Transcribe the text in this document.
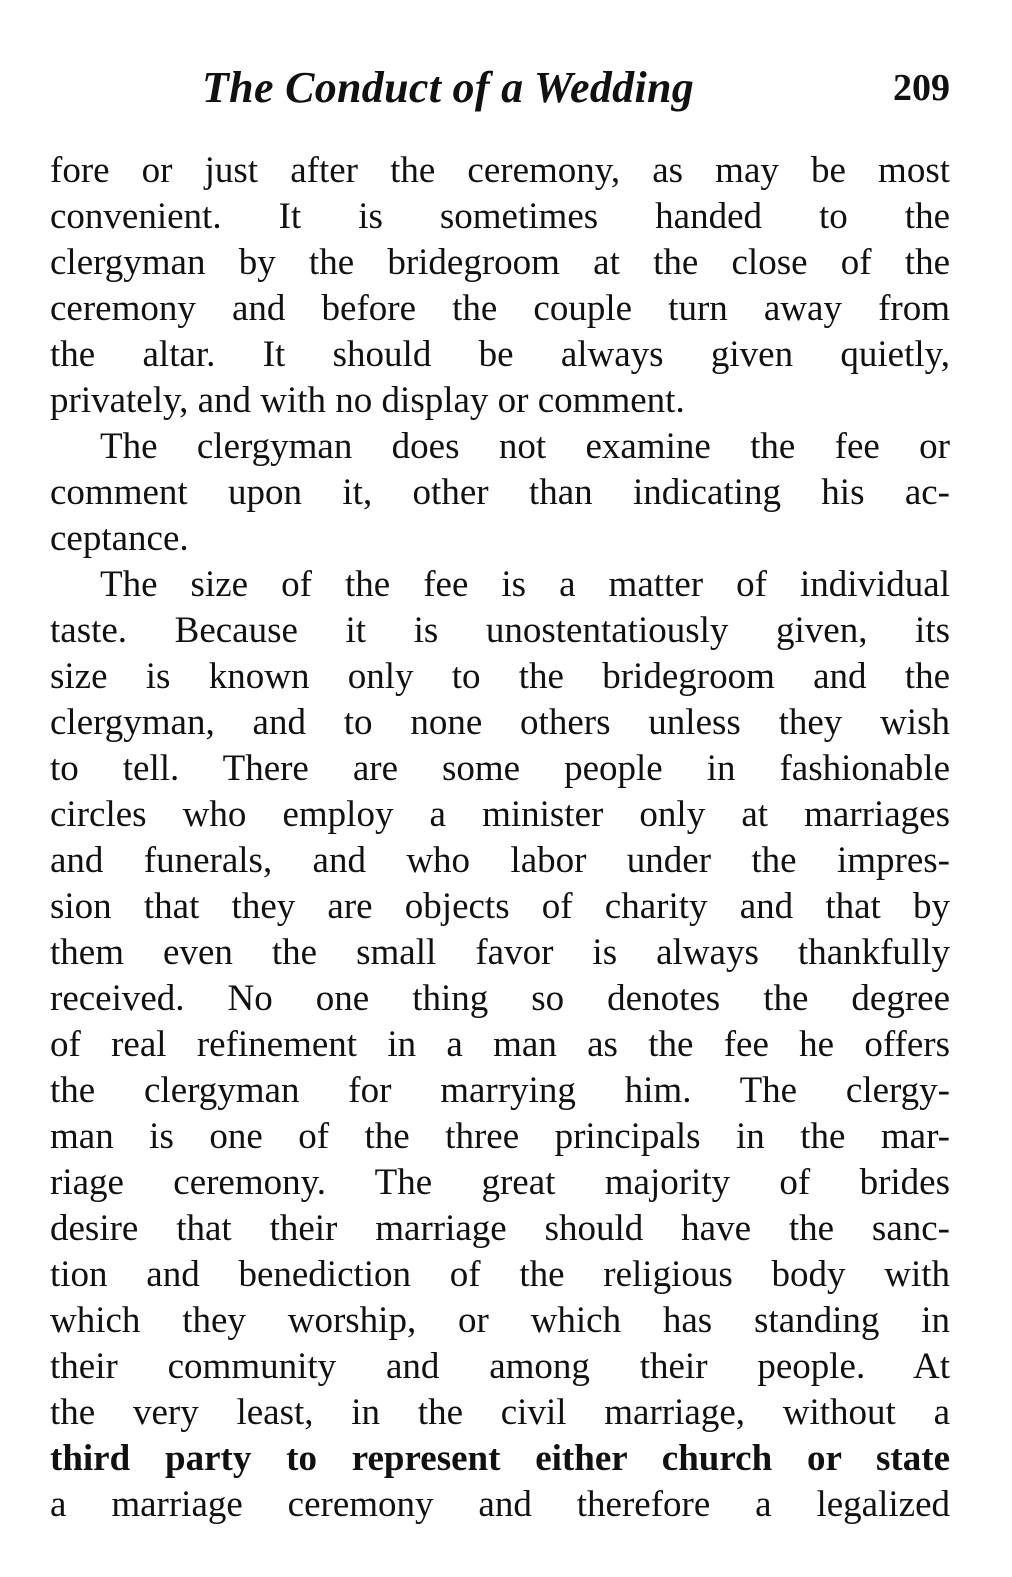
The Conduct of a Wedding	209
fore or just after the ceremony, as may be most
convenient. It is sometimes handed to the
clergyman by the bridegroom at the close of the
ceremony and before the couple turn away from
the altar. It should be always given quietly,
privately, and with no display or comment.
The clergyman does not examine the fee or
comment upon it, other than indicating his ac-
ceptance.
The size of the fee is a matter of individual
taste. Because it is unostentatiously given, its
size is known only to the bridegroom and the
clergyman, and to none others unless they wish
to tell. There are some people in fashionable
circles who employ a minister only at marriages
and funerals, and who labor under the impres-
sion that they are objects of charity and that by
them even the small favor is always thankfully
received. No one thing so denotes the degree
of real refinement in a man as the fee he offers
the clergyman for marrying him. The clergy-
man is one of the three principals in the mar-
riage ceremony. The great majority of brides
desire that their marriage should have the sanc-
tion and benediction of the religious body with
which they worship, or which has standing in
their community and among their people. At
the very least, in the civil marriage, without a
third party to represent either church or state
a marriage ceremony and therefore a legalized
